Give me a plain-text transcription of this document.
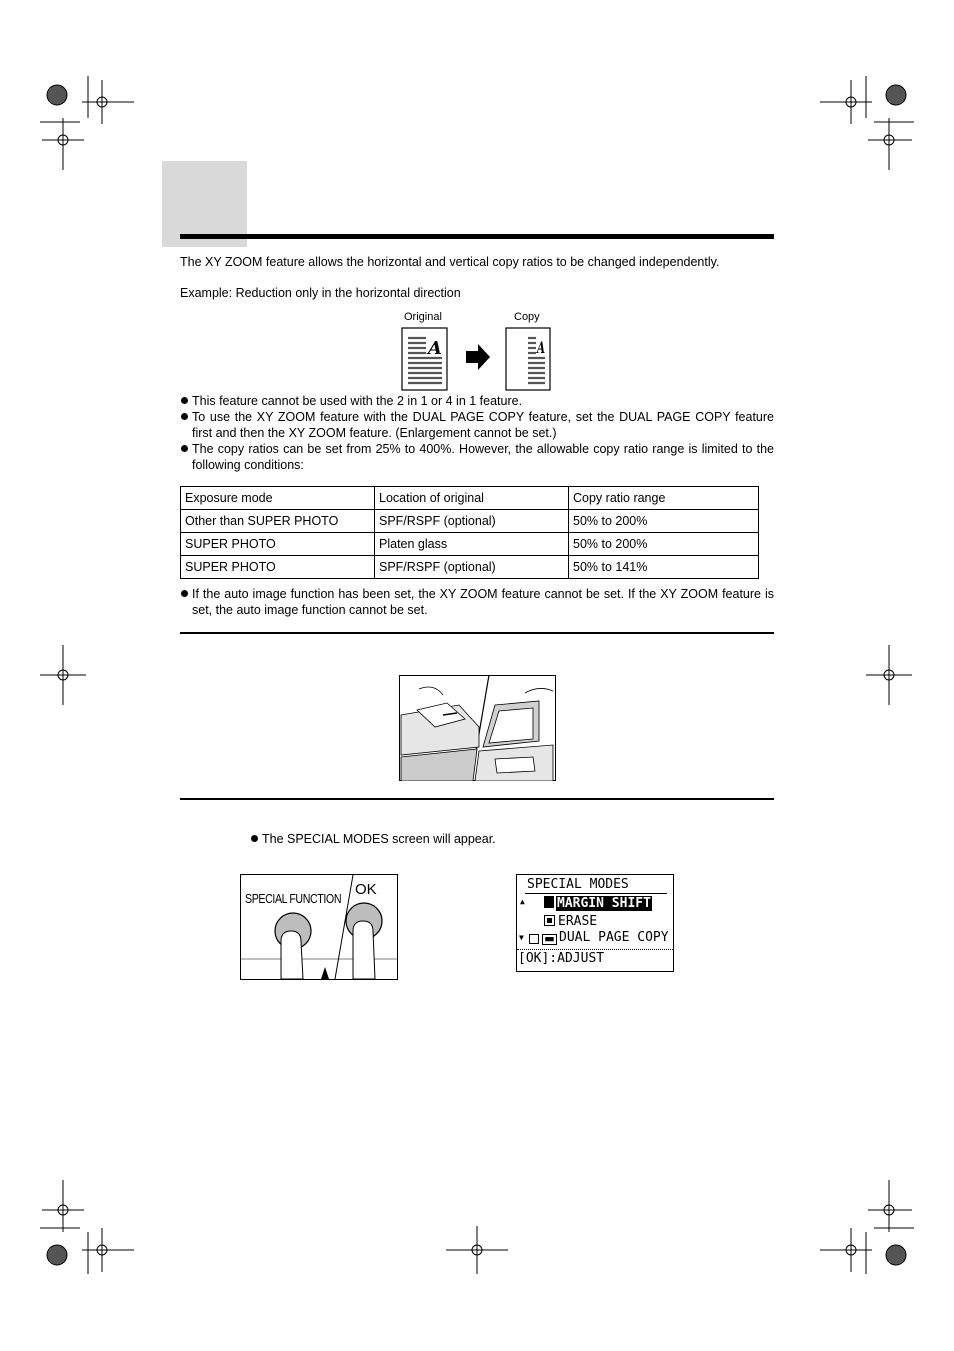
The XY ZOOM feature allows the horizontal and vertical copy ratios to be changed independently.
Example: Reduction only in the horizontal direction
Original	Copy
A	A
This feature cannot be used with the 2 in 1 or 4 in 1 feature.
To use the XY ZOOM feature with the DUAL PAGE COPY feature, set the DUAL PAGE COPY feature first and then the XY ZOOM feature. (Enlargement cannot be set.)
The copy ratios can be set from 25% to 400%. However, the allowable copy ratio range is limited to the following conditions:
Exposure mode	Location of original	Copy ratio range
Other than SUPER PHOTO	SPF/RSPF (optional)	50% to 200%
SUPER PHOTO	Platen glass	50% to 200%
SUPER PHOTO	SPF/RSPF (optional)	50% to 141%
If the auto image function has been set, the XY ZOOM feature cannot be set. If the XY ZOOM feature is set, the auto image function cannot be set.
The SPECIAL MODES screen will appear.
SPECIAL FUNCTION
OK	SPECIAL MODES
▲	MARGIN SHIFT
ERASE
▼	■■ DUAL PAGE COPY
[OK]:ADJUST
